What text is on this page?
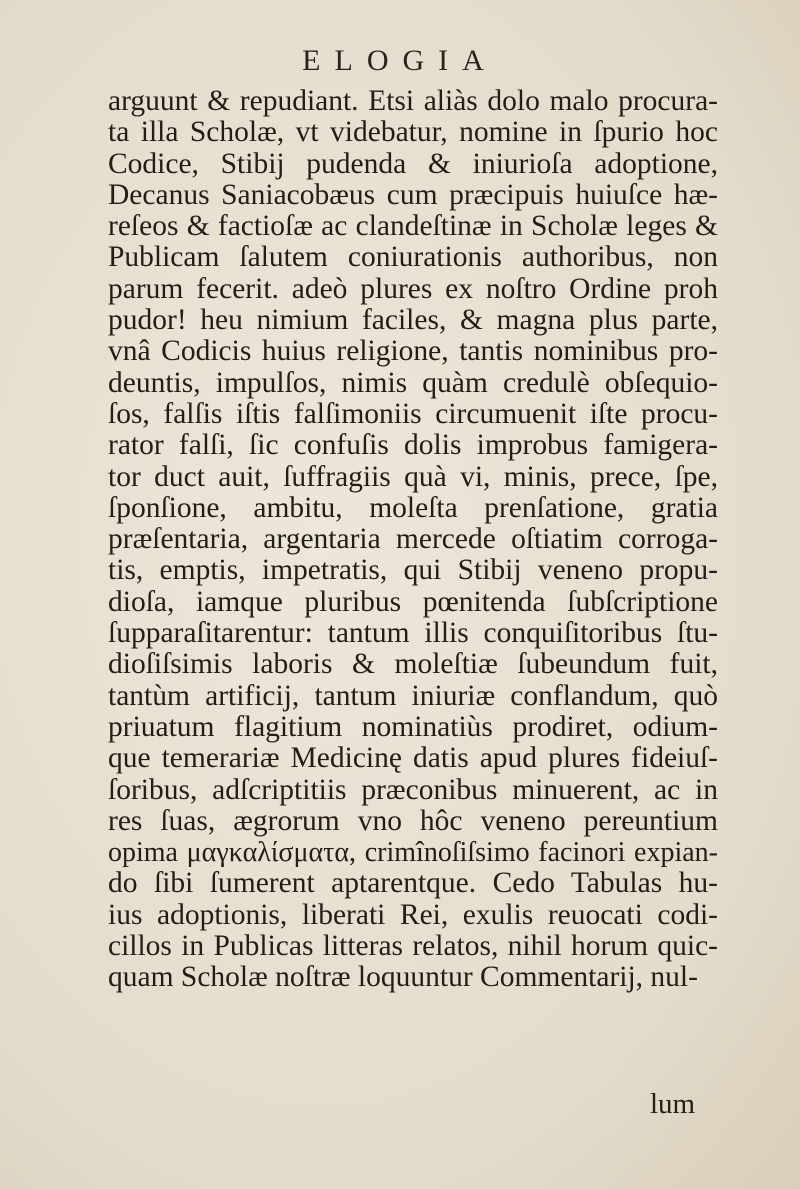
ELOGIA
arguunt & repudiant. Etsi aliàs dolo malo procura-
ta illa Scholæ, vt videbatur, nomine in ſpurio hoc
Codice, Stibij pudenda & iniurioſa adoptione,
Decanus Saniacobæus cum præcipuis huiuſce hæ-
reſeos & factioſæ ac clandeſtinæ in Scholæ leges &
Publicam ſalutem coniurationis authoribus, non
parum fecerit. adeò plures ex noſtro Ordine proh
pudor! heu nimium faciles, & magna plus parte,
vnâ Codicis huius religione, tantis nominibus pro-
deuntis, impulſos, nimis quàm credulè obſequio-
ſos, falſis iſtis falſimoniis circumuenit iſte procu-
rator falſi, ſic confuſis dolis improbus famigera-
tor duct auit, ſuffragiis quà vi, minis, prece, ſpe,
ſponſione, ambitu, moleſta prenſatione, gratia
præſentaria, argentaria mercede oſtiatim corroga-
tis, emptis, impetratis, qui Stibij veneno propu-
dioſa, iamque pluribus pœnitenda ſubſcriptione
ſupparaſitarentur: tantum illis conquiſitoribus ſtu-
dioſiſsimis laboris & moleſtiæ ſubeundum fuit,
tantùm artificij, tantum iniuriæ conflandum, quò
priuatum flagitium nominatiùs prodiret, odium-
que temerariæ Medicinę datis apud plures fideiuſ-
ſoribus, adſcriptitiis præconibus minuerent, ac in
res ſuas, ægrorum vno hôc veneno pereuntium
opima μαγκαλίσματα, crimînoſiſsimo facinori expian-
do ſibi ſumerent aptarentque. Cedo Tabulas hu-
ius adoptionis, liberati Rei, exulis reuocati codi-
cillos in Publicas litteras relatos, nihil horum quic-
quam Scholæ noſtræ loquuntur Commentarij, nul-
lum
